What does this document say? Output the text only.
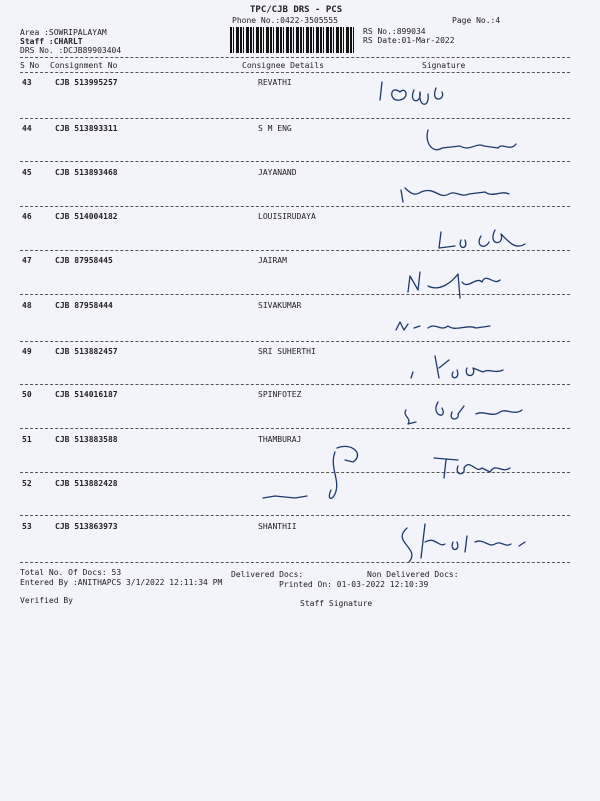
TPC/CJB DRS - PCS
Phone No.:0422-3505555	Page No.:4
Area :SOWRIPALAYAM
Staff :CHARLT
DRS No. :DCJB89903404
RS No.:899034
RS Date:01-Mar-2022
S No Consignment No	Consignee Details	Signature
43	CJB 513995257	REVATHI
44	CJB 513893311	S M ENG
45	CJB 513893468	JAYANAND
46	CJB 514004182	LOUISIRUDAYA
47	CJB 87958445	JAIRAM
48	CJB 87958444	SIVAKUMAR
49	CJB 513882457	SRI SUHERTHI
50	CJB 514016187	SPINFOTEZ
51	CJB 513883588	THAMBURAJ
52	CJB 513882428
53	CJB 513863973	SHANTHII
Total No. Of Docs: 53	Delivered Docs:	Non Delivered Docs:
Entered By :ANITHAPCS 3/1/2022 12:11:34 PM	Printed On: 01-03-2022 12:10:39
Verified By	Staff Signature
